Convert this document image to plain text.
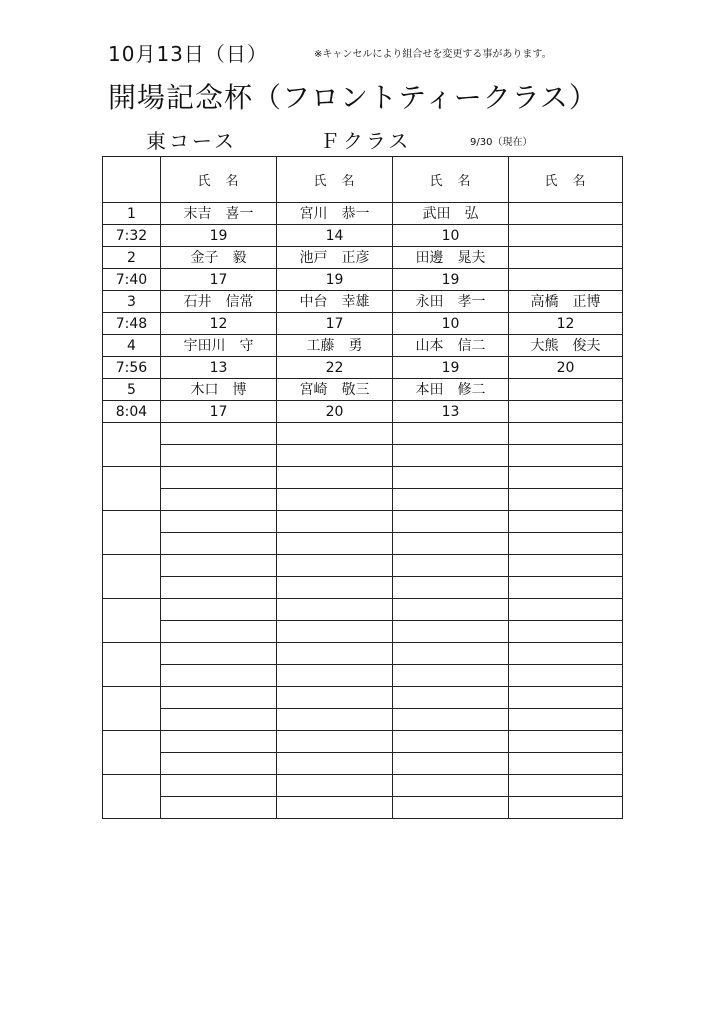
10月13日（日）	※キャンセルにより組合せを変更する事があります。
開場記念杯（フロントティークラス）
東コース	Ｆクラス	9/30（現在）
	氏　名	氏　名	氏　名	氏　名
1	末吉　喜一	宮川　恭一	武田　弘	
7:32	19	14	10	
2	金子　毅	池戸　正彦	田邊　晁夫	
7:40	17	19	19	
3	石井　信常	中台　幸雄	永田　孝一	高橋　正博
7:48	12	17	10	12
4	宇田川　守	工藤　勇	山本　信二	大熊　俊夫
7:56	13	22	19	20
5	木口　博	宮崎　敬三	本田　修二	
8:04	17	20	13	
